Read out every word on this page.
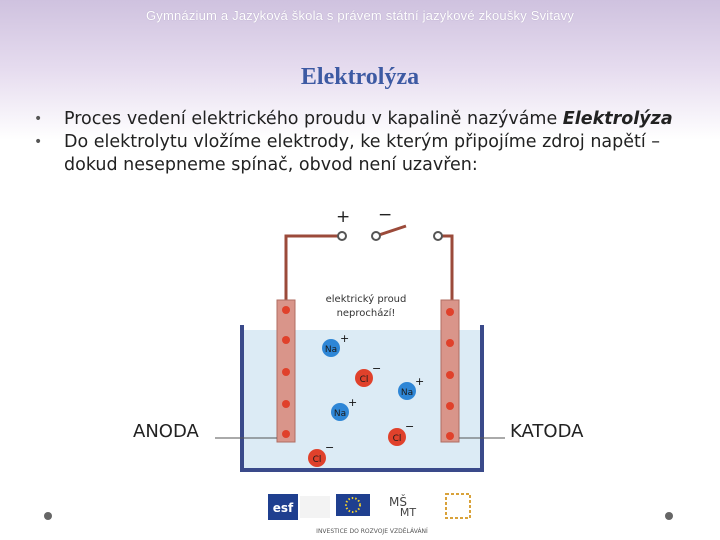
Gymnázium a Jazyková škola s právem státní jazykové zkoušky Svitavy
Elektrolýza
• Proces vedení elektrického proudu v kapalině nazýváme Elektrolýza
• Do elektrolytu vložíme elektrody, ke kterým připojíme zdroj napětí – dokud nesepneme spínač, obvod není uzavřen:
+ −
elektrický proud
neprochází!
Na
+
Cl
−
Na
+
Na
+
Cl
−
Cl
−
ANODA	KATODA
esf	MŠ
MT
INVESTICE DO ROZVOJE VZDĚLÁVÁNÍ
